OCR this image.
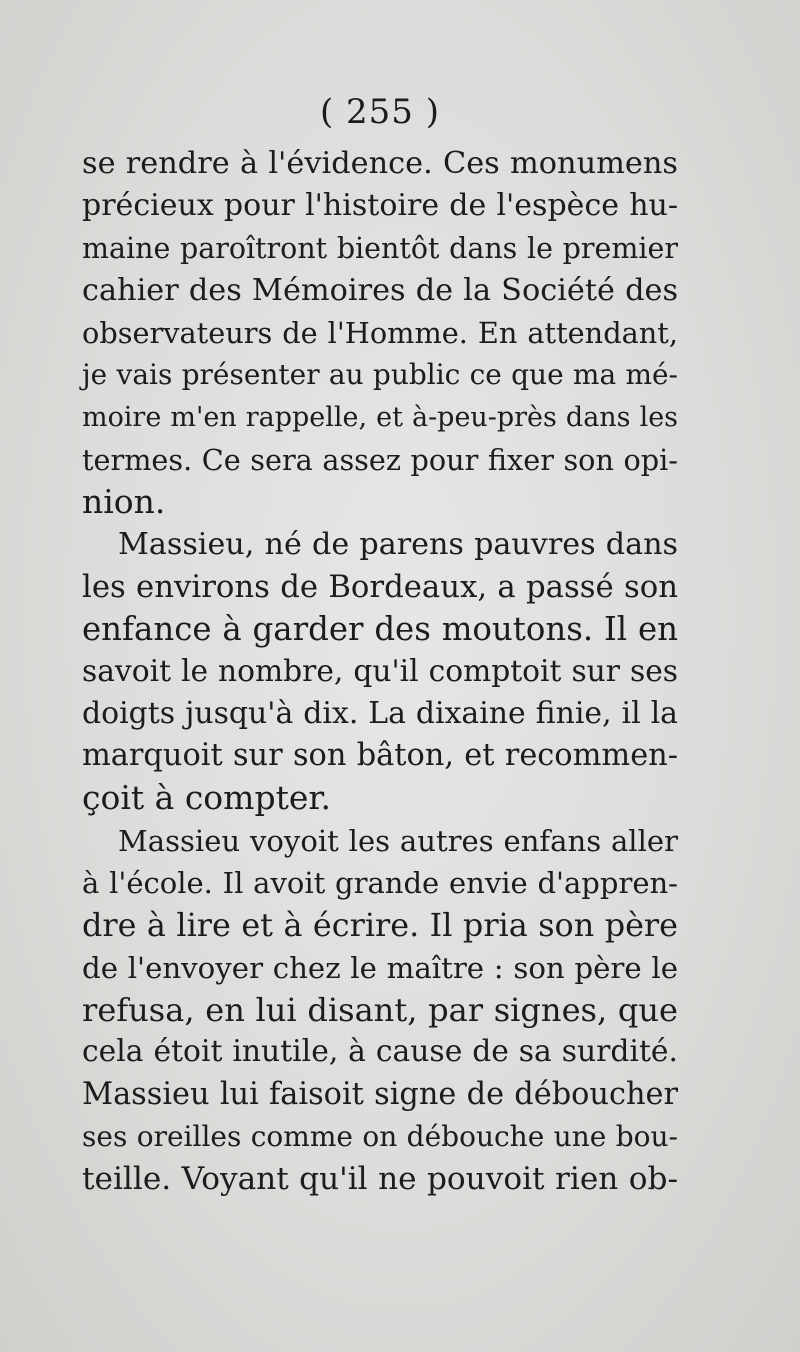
( 255 )
se rendre à l'évidence. Ces monumens
précieux pour l'histoire de l'espèce hu-
maine paroîtront bientôt dans le premier
cahier des Mémoires de la Société des
observateurs de l'Homme. En attendant,
je vais présenter au public ce que ma mé-
moire m'en rappelle, et à-peu-près dans les
termes. Ce sera assez pour fixer son opi-
nion.
Massieu, né de parens pauvres dans
les environs de Bordeaux, a passé son
enfance à garder des moutons. Il en
savoit le nombre, qu'il comptoit sur ses
doigts jusqu'à dix. La dixaine finie, il la
marquoit sur son bâton, et recommen-
çoit à compter.
Massieu voyoit les autres enfans aller
à l'école. Il avoit grande envie d'appren-
dre à lire et à écrire. Il pria son père
de l'envoyer chez le maître : son père le
refusa, en lui disant, par signes, que
cela étoit inutile, à cause de sa surdité.
Massieu lui faisoit signe de déboucher
ses oreilles comme on débouche une bou-
teille. Voyant qu'il ne pouvoit rien ob-
